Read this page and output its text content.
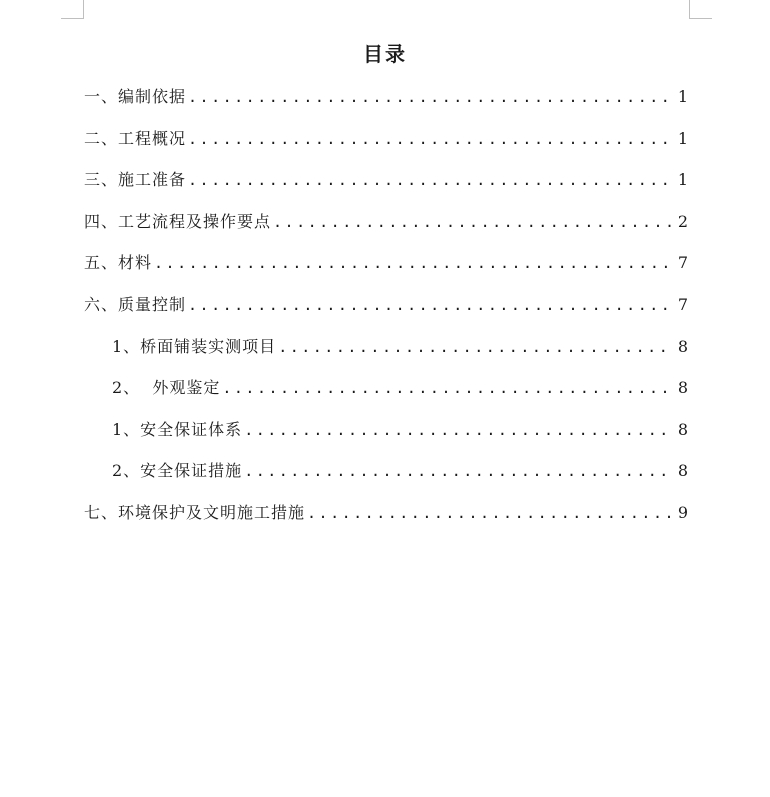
目录
一、编制依据 .....	1
二、工程概况 .....	1
三、施工准备 .....	1
四、工艺流程及操作要点 .....	2
五、材料 .....	7
六、质量控制 .....	7
1、桥面铺装实测项目 .....	8
2、  外观鉴定 .....	8
1、安全保证体系 .....	8
2、安全保证措施 .....	8
七、环境保护及文明施工措施 .....	9
